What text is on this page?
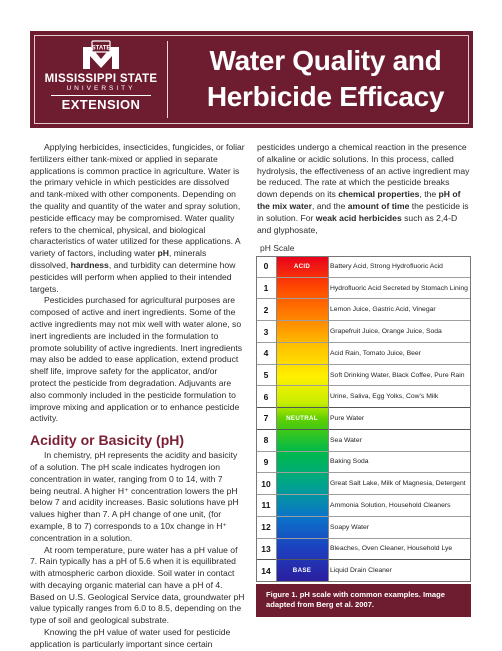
STATE
MISSISSIPPI STATE
UNIVERSITY
EXTENSION
Water Quality and Herbicide Efficacy

Applying herbicides, insecticides, fungicides, or foliar fertilizers either tank-mixed or applied in separate applications is common practice in agriculture. Water is the primary vehicle in which pesticides are dissolved and tank-mixed with other components. Depending on the quality and quantity of the water and spray solution, pesticide efficacy may be compromised. Water quality refers to the chemical, physical, and biological characteristics of water utilized for these applications. A variety of factors, including water pH, minerals dissolved, hardness, and turbidity can determine how pesticides will perform when applied to their intended targets.

Pesticides purchased for agricultural purposes are composed of active and inert ingredients. Some of the active ingredients may not mix well with water alone, so inert ingredients are included in the formulation to promote solubility of active ingredients. Inert ingredients may also be added to ease application, extend product shelf life, improve safety for the applicator, and/or protect the pesticide from degradation. Adjuvants are also commonly included in the pesticide formulation to improve mixing and application or to enhance pesticide activity.

Acidity or Basicity (pH)

In chemistry, pH represents the acidity and basicity of a solution. The pH scale indicates hydrogen ion concentration in water, ranging from 0 to 14, with 7 being neutral. A higher H⁺ concentration lowers the pH below 7 and acidity increases. Basic solutions have pH values higher than 7. A pH change of one unit, (for example, 8 to 7) corresponds to a 10x change in H⁺ concentration in a solution.

At room temperature, pure water has a pH value of 7. Rain typically has a pH of 5.6 when it is equilibrated with atmospheric carbon dioxide. Soil water in contact with decaying organic material can have a pH of 4. Based on U.S. Geological Service data, groundwater pH value typically ranges from 6.0 to 8.5, depending on the type of soil and geological substrate.

Knowing the pH value of water used for pesticide application is particularly important since certain

pesticides undergo a chemical reaction in the presence of alkaline or acidic solutions. In this process, called hydrolysis, the effectiveness of an active ingredient may be reduced. The rate at which the pesticide breaks down depends on its chemical properties, the pH of the mix water, and the amount of time the pesticide is in solution. For weak acid herbicides such as 2,4-D and glyphosate,

pH Scale
0	ACID	Battery Acid, Strong Hydrofluoric Acid
1	Hydrofluoric Acid Secreted by Stomach Lining
2	Lemon Juice, Gastric Acid, Vinegar
3	Grapefruit Juice, Orange Juice, Soda
4	Acid Rain, Tomato Juice, Beer
5	Soft Drinking Water, Black Coffee, Pure Rain
6	Urine, Saliva, Egg Yolks, Cow’s Milk
7	NEUTRAL	Pure Water
8	Sea Water
9	Baking Soda
10	Great Salt Lake, Milk of Magnesia, Detergent
11	Ammonia Solution, Household Cleaners
12	Soapy Water
13	Bleaches, Oven Cleaner, Household Lye
14	BASE	Liquid Drain Cleaner
Figure 1. pH scale with common examples. Image adapted from Berg et al. 2007.
